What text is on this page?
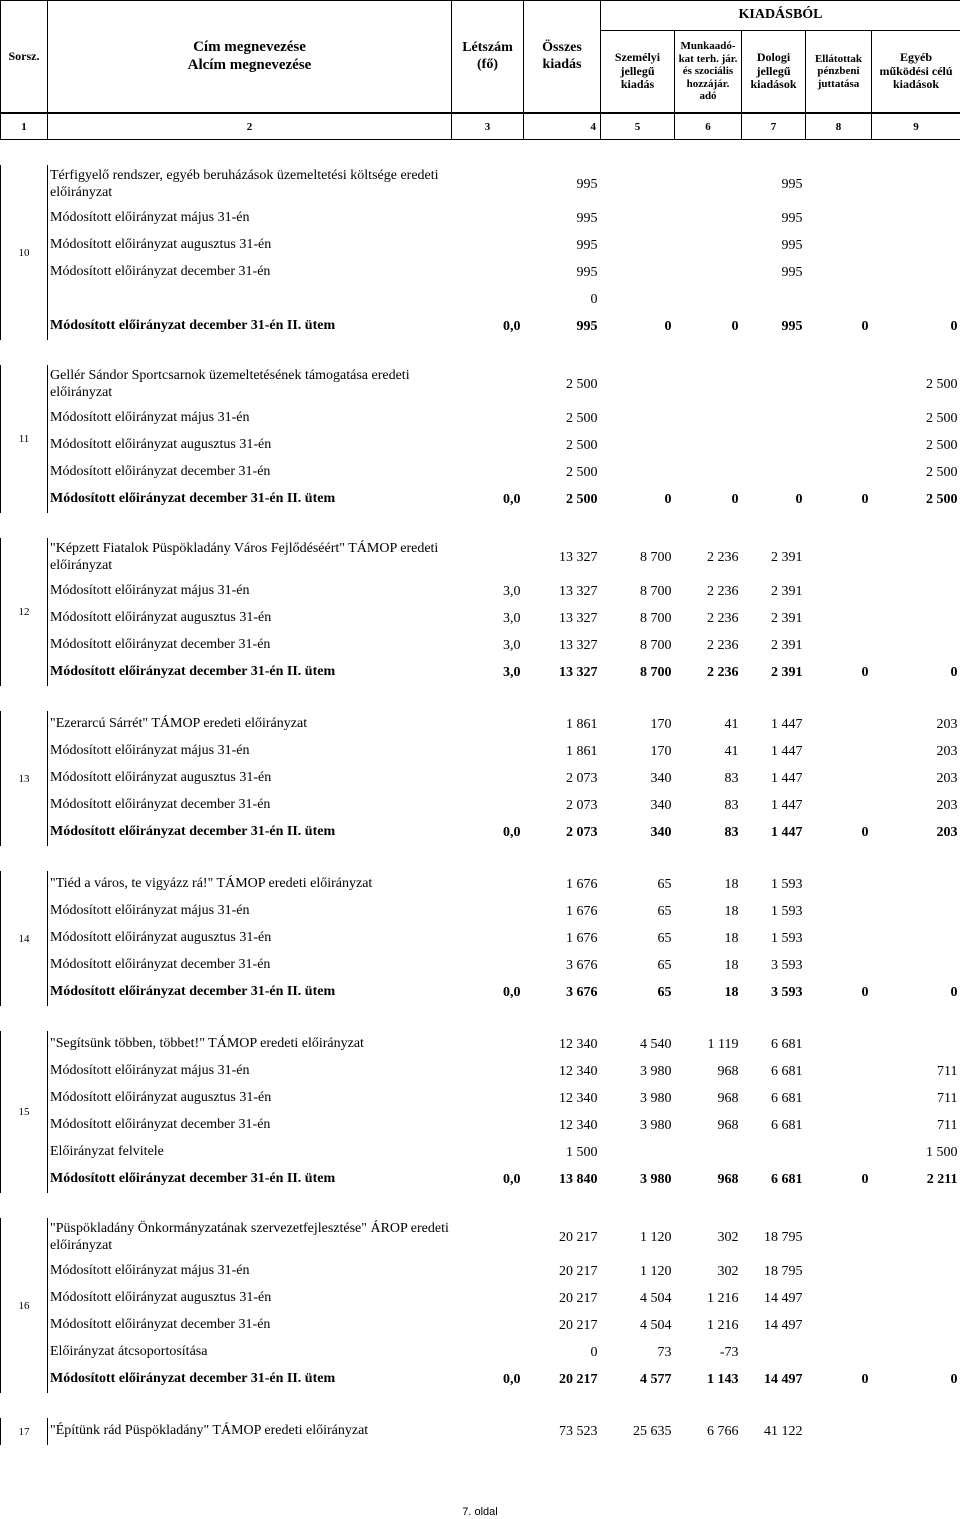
Sorsz.	Cím megnevezése
Alcím megnevezése	Létszám (fő)	Összes kiadás	KIADÁSBÓL				
				Személyi jellegű kiadás	Munkaadó-kat terh. jár. és szociális hozzájár. adó	Dologi jellegű kiadások	Ellátottak pénzbeni juttatása	Egyéb működési célú kiadások
1	2	3	4	5	6	7	8	9

10	Térfigyelő rendszer, egyéb beruházások üzemeltetési költsége eredeti előirányzat		995			995		
	Módosított előirányzat május 31-én		995			995		
	Módosított előirányzat augusztus 31-én		995			995		
	Módosított előirányzat december 31-én		995			995		
			0					
	Módosított előirányzat december 31-én II. ütem	0,0	995	0	0	995	0	0

11	Gellér Sándor Sportcsarnok üzemeltetésének támogatása eredeti előirányzat		2 500					2 500
	Módosított előirányzat május 31-én		2 500					2 500
	Módosított előirányzat augusztus 31-én		2 500					2 500
	Módosított előirányzat december 31-én		2 500					2 500
	Módosított előirányzat december 31-én II. ütem	0,0	2 500	0	0	0	0	2 500

12	"Képzett Fiatalok Püspökladány Város Fejlődéséért" TÁMOP eredeti előirányzat		13 327	8 700	2 236	2 391		
	Módosított előirányzat május 31-én	3,0	13 327	8 700	2 236	2 391		
	Módosított előirányzat augusztus 31-én	3,0	13 327	8 700	2 236	2 391		
	Módosított előirányzat december 31-én	3,0	13 327	8 700	2 236	2 391		
	Módosított előirányzat december 31-én II. ütem	3,0	13 327	8 700	2 236	2 391	0	0

13	"Ezerarcú Sárrét" TÁMOP eredeti előirányzat		1 861	170	41	1 447		203
	Módosított előirányzat május 31-én		1 861	170	41	1 447		203
	Módosított előirányzat augusztus 31-én		2 073	340	83	1 447		203
	Módosított előirányzat december 31-én		2 073	340	83	1 447		203
	Módosított előirányzat december 31-én II. ütem	0,0	2 073	340	83	1 447	0	203

14	"Tiéd a város, te vigyázz rá!" TÁMOP eredeti előirányzat		1 676	65	18	1 593		
	Módosított előirányzat május 31-én		1 676	65	18	1 593		
	Módosított előirányzat augusztus 31-én		1 676	65	18	1 593		
	Módosított előirányzat december 31-én		3 676	65	18	3 593		
	Módosított előirányzat december 31-én II. ütem	0,0	3 676	65	18	3 593	0	0

15	"Segítsünk többen, többet!" TÁMOP eredeti előirányzat		12 340	4 540	1 119	6 681		
	Módosított előirányzat május 31-én		12 340	3 980	968	6 681		711
	Módosított előirányzat augusztus 31-én		12 340	3 980	968	6 681		711
	Módosított előirányzat december 31-én		12 340	3 980	968	6 681		711
	Előirányzat felvitele		1 500					1 500
	Módosított előirányzat december 31-én II. ütem	0,0	13 840	3 980	968	6 681	0	2 211

16	"Püspökladány Önkormányzatának szervezetfejlesztése" ÁROP eredeti előirányzat		20 217	1 120	302	18 795		
	Módosított előirányzat május 31-én		20 217	1 120	302	18 795		
	Módosított előirányzat augusztus 31-én		20 217	4 504	1 216	14 497		
	Módosított előirányzat december 31-én		20 217	4 504	1 216	14 497		
	Előirányzat átcsoportosítása		0	73	-73			
	Módosított előirányzat december 31-én II. ütem	0,0	20 217	4 577	1 143	14 497	0	0

17	"Építünk rád Püspökladány" TÁMOP eredeti előirányzat		73 523	25 635	6 766	41 122		
7. oldal
